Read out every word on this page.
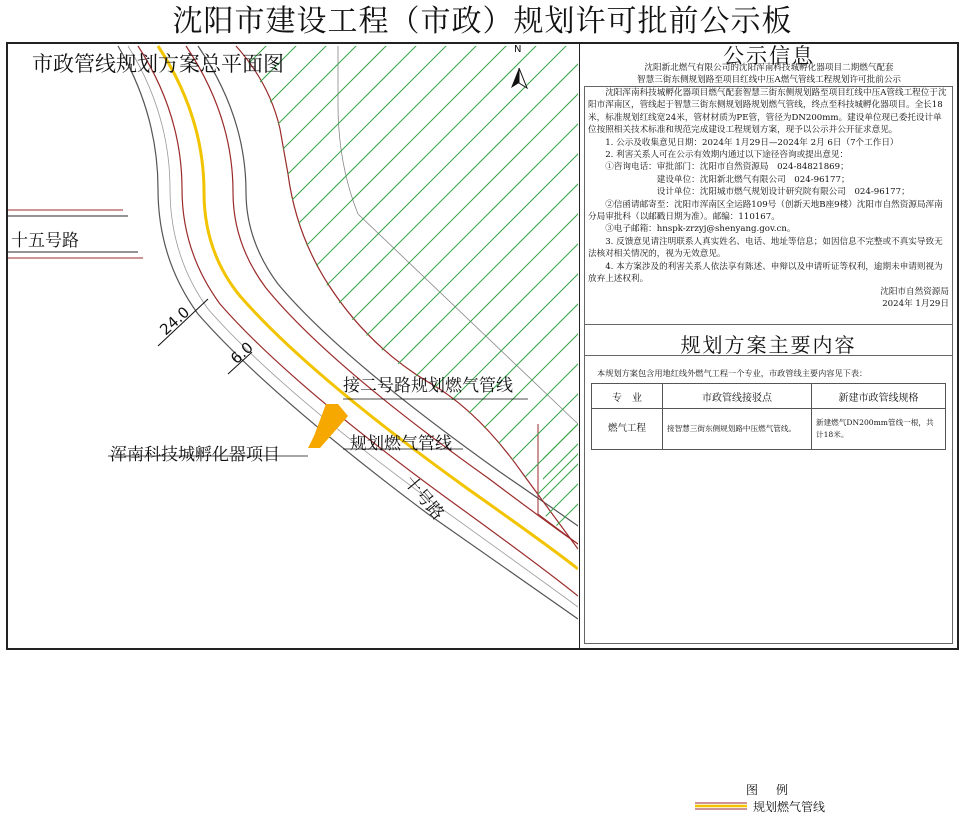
沈阳市建设工程（市政）规划许可批前公示板
市政管线规划方案总平面图
N
十五号路
24.0
6.0
接二号路规划燃气管线
规划燃气管线
浑南科技城孵化器项目
十号路
公示信息
沈阳新北燃气有限公司的沈阳浑南科技城孵化器项目二期燃气配套
智慧三街东侧规划路至项目红线中压A燃气管线工程规划许可批前公示

沈阳浑南科技城孵化器项目燃气配套智慧三街东侧规划路至项目红线中压A管线工程位于沈阳市浑南区，管线起于智慧三街东侧规划路规划燃气管线，终点至科技城孵化器项目。全长18米，标准规划红线宽24米，管材材质为PE管，管径为DN200mm。建设单位现已委托设计单位按照相关技术标准和规范完成建设工程规划方案，现予以公示并公开征求意见。

1. 公示及收集意见日期：2024年 1月29日—2024年 2月 6日（7个工作日）

2. 利害关系人可在公示有效期内通过以下途径咨询或提出意见：

①咨询电话：审批部门：沈阳市自然资源局　024-84821869；

建设单位：沈阳新北燃气有限公司　024-96177；

设计单位：沈阳城市燃气规划设计研究院有限公司　024-96177；

②信函请邮寄至：沈阳市浑南区全运路109号（创新天地B座9楼）沈阳市自然资源局浑南分局审批科（以邮戳日期为准）。邮编：110167。

③电子邮箱：hnspk-zrzyj@shenyang.gov.cn。

3. 反馈意见请注明联系人真实姓名、电话、地址等信息；如因信息不完整或不真实导致无法核对相关情况的，视为无效意见。

4. 本方案涉及的利害关系人依法享有陈述、申辩以及申请听证等权利，逾期未申请则视为放弃上述权利。

沈阳市自然资源局

2024年 1月29日

规划方案主要内容
本规划方案包含用地红线外燃气工程一个专业，市政管线主要内容见下表：
专　业	市政管线接驳点	新建市政管线规格
燃气工程	接智慧三街东侧规划路中压燃气管线。	新建燃气DN200mm管线一根，共计18米。
图　例
规划燃气管线
